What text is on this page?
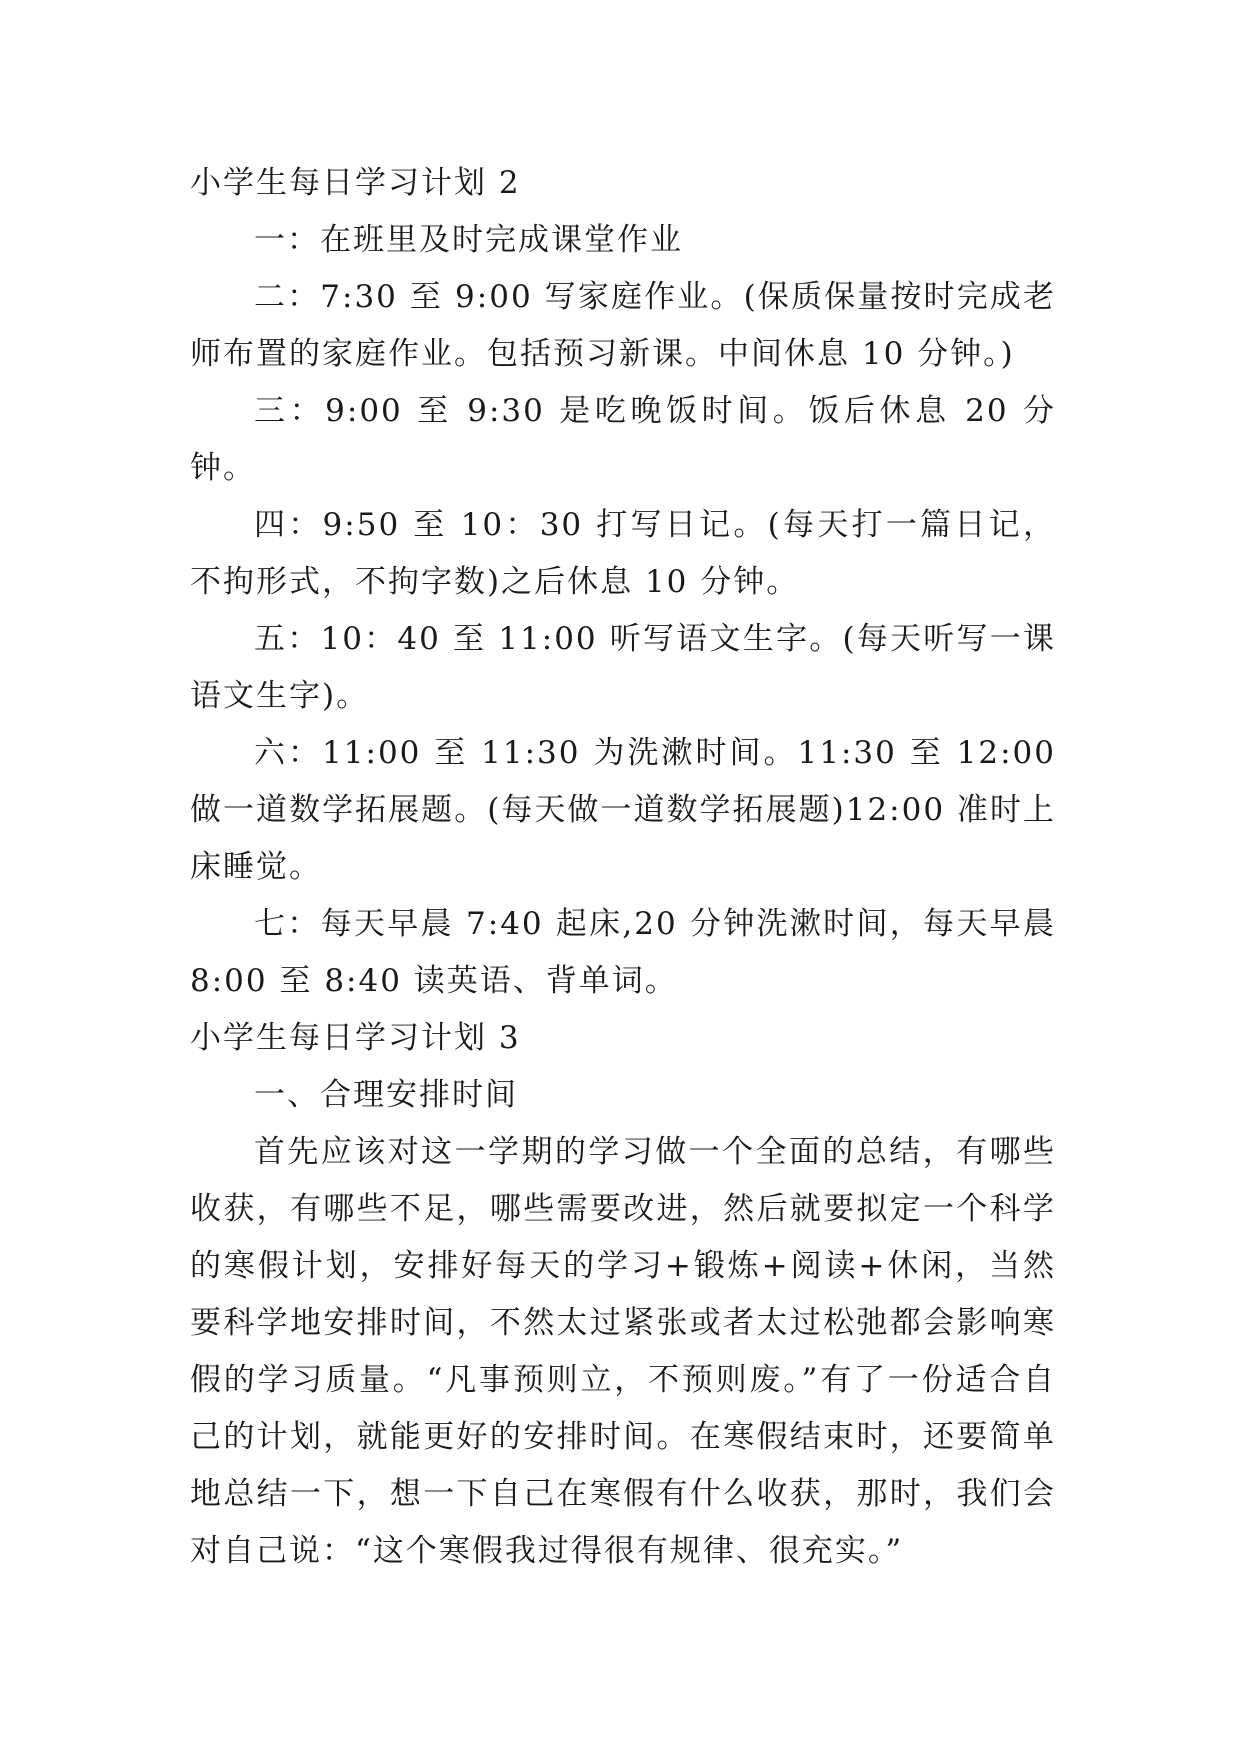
小学生每日学习计划 2

一：在班里及时完成课堂作业

二：7:30 至 9:00 写家庭作业。(保质保量按时完成老师布置的家庭作业。包括预习新课。中间休息 10 分钟。)

三：9:00 至 9:30 是吃晚饭时间。饭后休息 20 分钟。

四：9:50 至 10：30 打写日记。(每天打一篇日记，不拘形式，不拘字数)之后休息 10 分钟。

五：10：40 至 11:00 听写语文生字。(每天听写一课语文生字)。

六：11:00 至 11:30 为洗漱时间。11:30 至 12:00 做一道数学拓展题。(每天做一道数学拓展题)12:00 准时上床睡觉。

七：每天早晨 7:40 起床,20 分钟洗漱时间，每天早晨 8:00 至 8:40 读英语、背单词。

小学生每日学习计划 3

一、合理安排时间

首先应该对这一学期的学习做一个全面的总结，有哪些收获，有哪些不足，哪些需要改进，然后就要拟定一个科学的寒假计划，安排好每天的学习+锻炼+阅读+休闲，当然要科学地安排时间，不然太过紧张或者太过松弛都会影响寒假的学习质量。“凡事预则立，不预则废。”有了一份适合自己的计划，就能更好的安排时间。在寒假结束时，还要简单地总结一下，想一下自己在寒假有什么收获，那时，我们会对自己说：“这个寒假我过得很有规律、很充实。”
